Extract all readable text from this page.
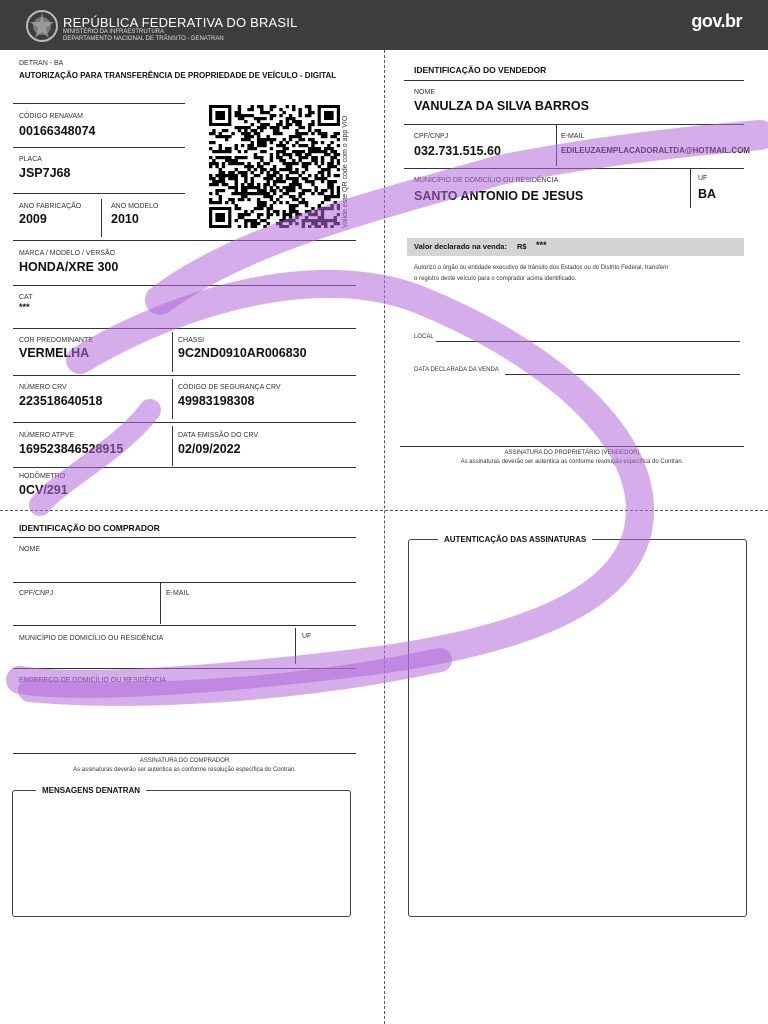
REPÚBLICA FEDERATIVA DO BRASIL
MINISTÉRIO DA INFRAESTRUTURA
DEPARTAMENTO NACIONAL DE TRÂNSITO - DENATRAN
gov.br
DETRAN - BA
AUTORIZAÇÃO PARA TRANSFERÊNCIA DE PROPRIEDADE DE VEÍCULO - DIGITAL
CÓDIGO RENAVAM
00166348074
PLACA
JSP7J68
ANO FABRICAÇÃO
2009
ANO MODELO
2010	Valide este QR code com o app VIO
MARCA / MODELO / VERSÃO
HONDA/XRE 300
CAT
***
COR PREDOMINANTE
VERMELHA
CHASSI
9C2ND0910AR006830
NÚMERO CRV
223518640518
CÓDIGO DE SEGURANÇA CRV
49983198308
NÚMERO ATPVE
169523846528915
DATA EMISSÃO DO CRV
02/09/2022
HODÔMETRO
0CV/291
IDENTIFICAÇÃO DO VENDEDOR
NOME
VANULZA DA SILVA BARROS
CPF/CNPJ
032.731.515.60
E-MAIL
EDILEUZAEMPLACADORALTDA@HOTMAIL.COM
MUNICÍPIO DE DOMICÍLIO OU RESIDÊNCIA
SANTO ANTONIO DE JESUS
UF
BA
Valor declarado na venda: R$ ***
Autorizo o órgão ou entidade executivo de trânsito dos Estados ou do Distrito Federal, transferir
o registro deste veículo para o comprador acima identificado.
LOCAL
DATA DECLARADA DA VENDA
ASSINATURA DO PROPRIETÁRIO (VENDEDOR)
As assinaturas deverão ser autentica as conforme resolução específica do Contran.
IDENTIFICAÇÃO DO COMPRADOR
NOME
CPF/CNPJ	E-MAIL
MUNICÍPIO DE DOMICÍLIO OU RESIDÊNCIA	UF
ENDEREÇO DE DOMICÍLIO OU RESIDÊNCIA
ASSINATURA DO COMPRADOR
As assinaturas deverão ser autentica as conforme resolução específica do Contran.
MENSAGENS DENATRAN
AUTENTICAÇÃO DAS ASSINATURAS
